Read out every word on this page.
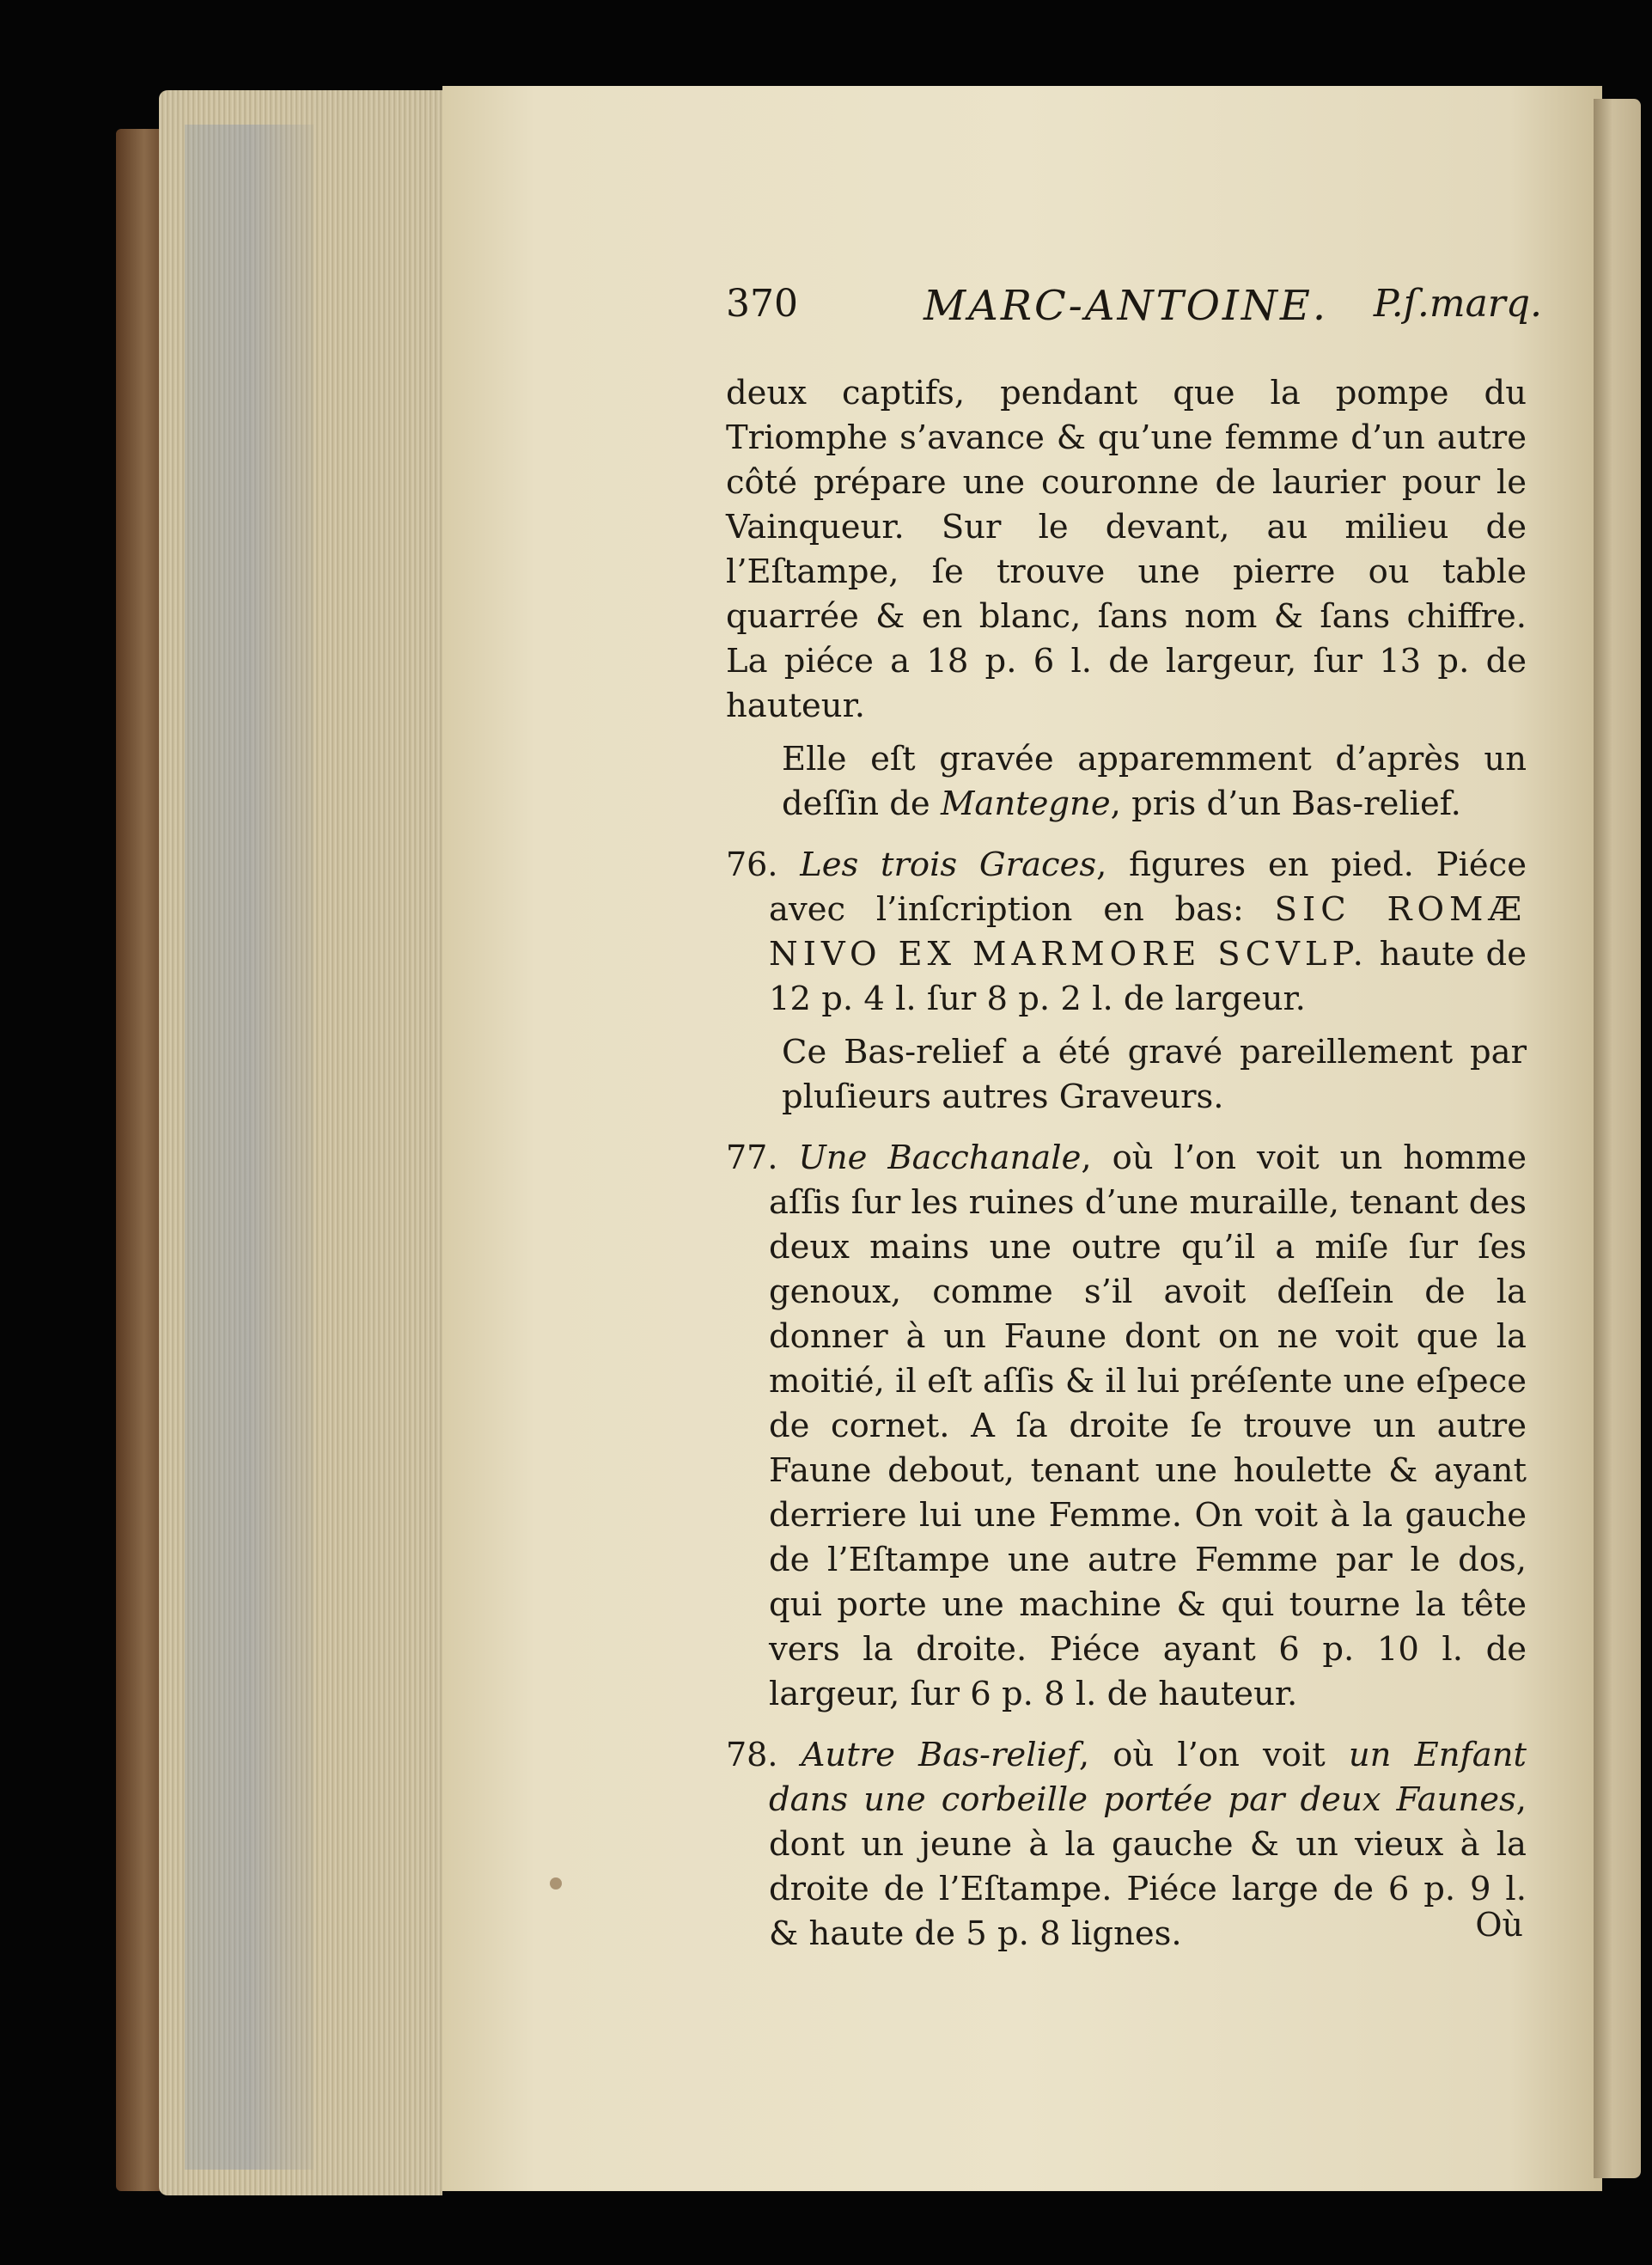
370	MARC-ANTOINE. P.ſ.marq.

deux captifs, pendant que la pompe du Triomphe s’avance & qu’une femme d’un autre côté prépare une couronne de laurier pour le Vainqueur. Sur le devant, au milieu de l’Eſtampe, ſe trouve une pierre ou table quarrée & en blanc, ſans nom & ſans chiffre. La piéce a 18 p. 6 l. de largeur, ſur 13 p. de hauteur.

Elle eſt gravée apparemment d’après un deſſin de Mantegne, pris d’un Bas-relief.

76. Les trois Graces, figures en pied. Piéce avec l’inſcription en bas: SIC ROMÆ NIVO EX MARMORE SCVLP. haute de 12 p. 4 l. ſur 8 p. 2 l. de largeur.

Ce Bas-relief a été gravé pareillement par pluſieurs autres Graveurs.

77. Une Bacchanale, où l’on voit un homme aſſis ſur les ruines d’une muraille, tenant des deux mains une outre qu’il a miſe ſur ſes genoux, comme s’il avoit deſſein de la donner à un Faune dont on ne voit que la moitié, il eſt aſſis & il lui préſente une eſpece de cornet. A ſa droite ſe trouve un autre Faune debout, tenant une houlette & ayant derriere lui une Femme. On voit à la gauche de l’Eſtampe une autre Femme par le dos, qui porte une machine & qui tourne la tête vers la droite. Piéce ayant 6 p. 10 l. de largeur, ſur 6 p. 8 l. de hauteur.

78. Autre Bas-relief, où l’on voit un Enfant dans une corbeille portée par deux Faunes, dont un jeune à la gauche & un vieux à la droite de l’Eſtampe. Piéce large de 6 p. 9 l. & haute de 5 p. 8 lignes.	Où
